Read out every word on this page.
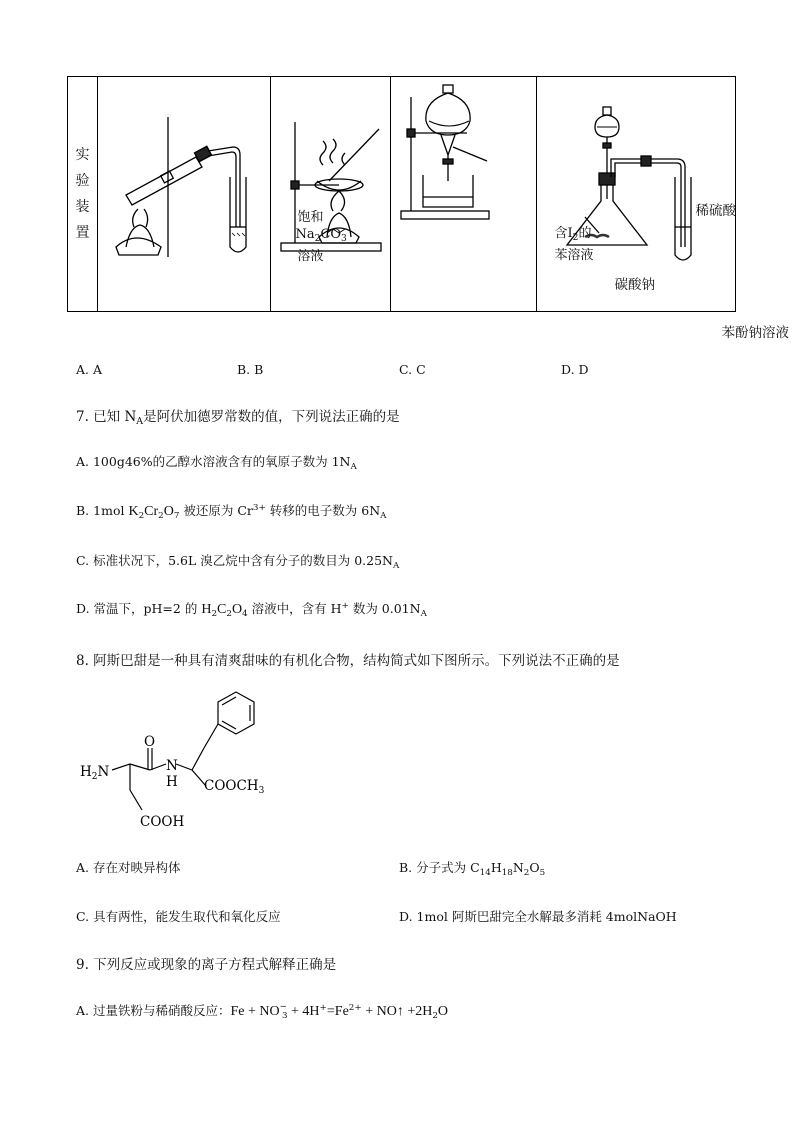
实
验
装
置

饱和
$Na_2CO_3$
溶液

含$I_2$的
苯溶液

稀硫酸
碳酸钠
苯酚钠溶液
A. A	B. B	C. C	D. D
7. 已知 $N_A$是阿伏加德罗常数的值，下列说法正确的是
A. 100g46%的乙醇水溶液含有的氧原子数为 $1N_A$
B. 1mol $K_2Cr_2O_7$ 被还原为 $Cr^{3+}$ 转移的电子数为 $6N_A$
C. 标准状况下，5.6L 溴乙烷中含有分子的数目为 $0.25N_A$
D. 常温下，pH=2 的 $H_2C_2O_4$ 溶液中，含有 H+ 数为 $0.01N_A$
8. 阿斯巴甜是一种具有清爽甜味的有机化合物，结构简式如下图所示。下列说法不正确的是
$H_2N$
O
N
H $COOCH_3$
COOH
A. 存在对映异构体	B. 分子式为 $C_{14}H_{18}N_2O_5$
C. 具有两性，能发生取代和氧化反应	D. 1mol 阿斯巴甜完全水解最多消耗 4molNaOH
9. 下列反应或现象的离子方程式解释正确是
A. 过量铁粉与稀硝酸反应：$Fe + NO^-_3 + 4H^+=Fe^{2+}$ + NO↑ $+2H_2O$
